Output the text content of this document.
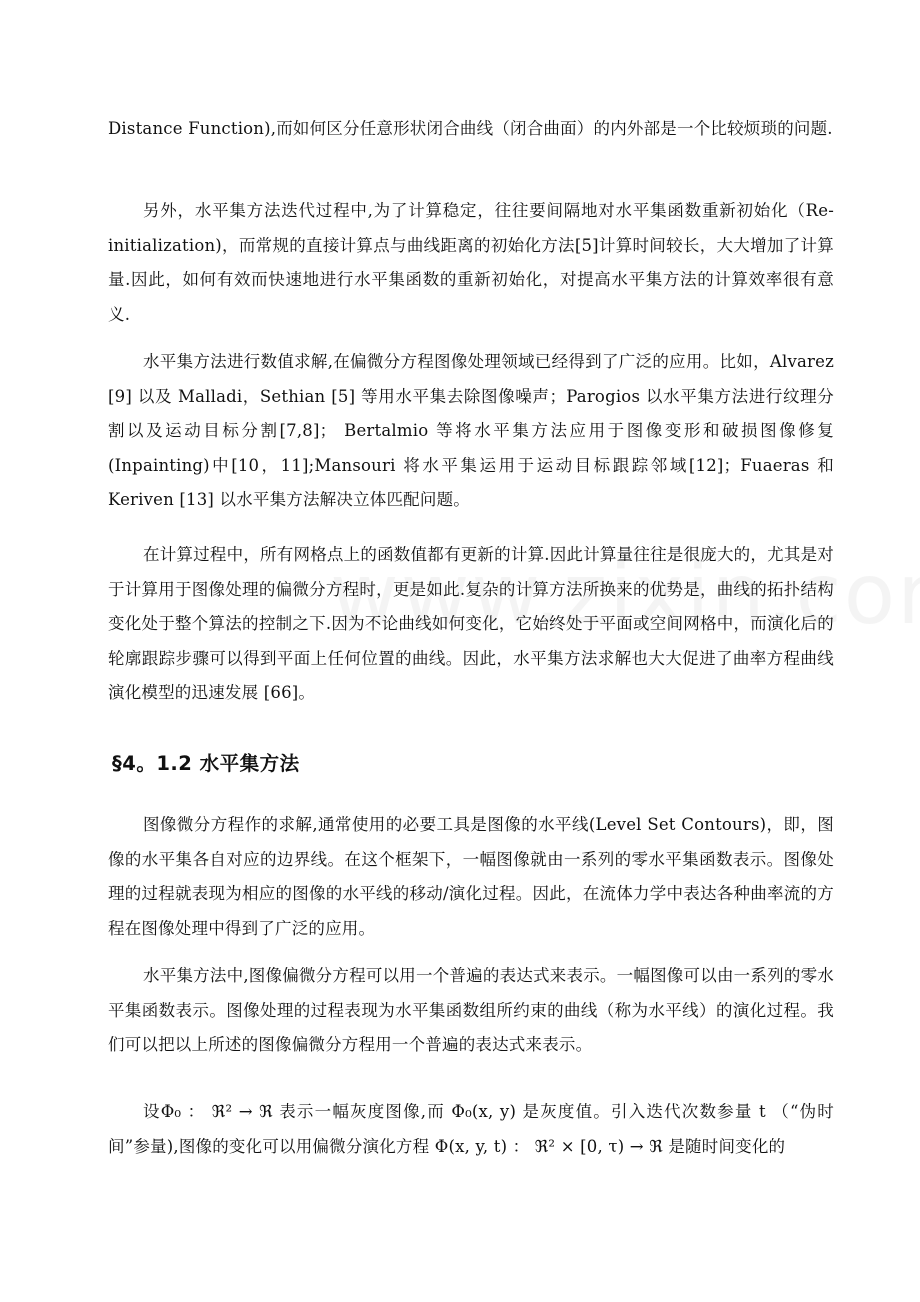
Distance Function),而如何区分任意形状闭合曲线（闭合曲面）的内外部是一个比较烦琐的问题.

另外，水平集方法迭代过程中,为了计算稳定，往往要间隔地对水平集函数重新初始化（Re-initialization)，而常规的直接计算点与曲线距离的初始化方法[5]计算时间较长，大大增加了计算量.因此，如何有效而快速地进行水平集函数的重新初始化，对提高水平集方法的计算效率很有意义.

水平集方法进行数值求解,在偏微分方程图像处理领域已经得到了广泛的应用。比如，Alvarez [9] 以及 Malladi，Sethian [5] 等用水平集去除图像噪声；Parogios 以水平集方法进行纹理分割以及运动目标分割[7,8]； Bertalmio 等将水平集方法应用于图像变形和破损图像修复(Inpainting)中[10，11];Mansouri 将水平集运用于运动目标跟踪邻域[12]；Fuaeras 和 Keriven [13] 以水平集方法解决立体匹配问题。

在计算过程中，所有网格点上的函数值都有更新的计算.因此计算量往往是很庞大的，尤其是对于计算用于图像处理的偏微分方程时，更是如此.复杂的计算方法所换来的优势是，曲线的拓扑结构变化处于整个算法的控制之下.因为不论曲线如何变化，它始终处于平面或空间网格中，而演化后的轮廓跟踪步骤可以得到平面上任何位置的曲线。因此，水平集方法求解也大大促进了曲率方程曲线演化模型的迅速发展 [66]。

§4。1.2 水平集方法

图像微分方程作的求解,通常使用的必要工具是图像的水平线(Level Set Contours)，即，图像的水平集各自对应的边界线。在这个框架下，一幅图像就由一系列的零水平集函数表示。图像处理的过程就表现为相应的图像的水平线的移动/演化过程。因此，在流体力学中表达各种曲率流的方程在图像处理中得到了广泛的应用。

水平集方法中,图像偏微分方程可以用一个普遍的表达式来表示。一幅图像可以由一系列的零水平集函数表示。图像处理的过程表现为水平集函数组所约束的曲线（称为水平线）的演化过程。我们可以把以上所述的图像偏微分方程用一个普遍的表达式来表示。

设Φ₀ ： ℜ² → ℜ 表示一幅灰度图像,而 Φ₀(x, y) 是灰度值。引入迭代次数参量 t （“伪时间”参量),图像的变化可以用偏微分演化方程 Φ(x, y, t) ： ℜ² × [0, τ) → ℜ 是随时间变化的
